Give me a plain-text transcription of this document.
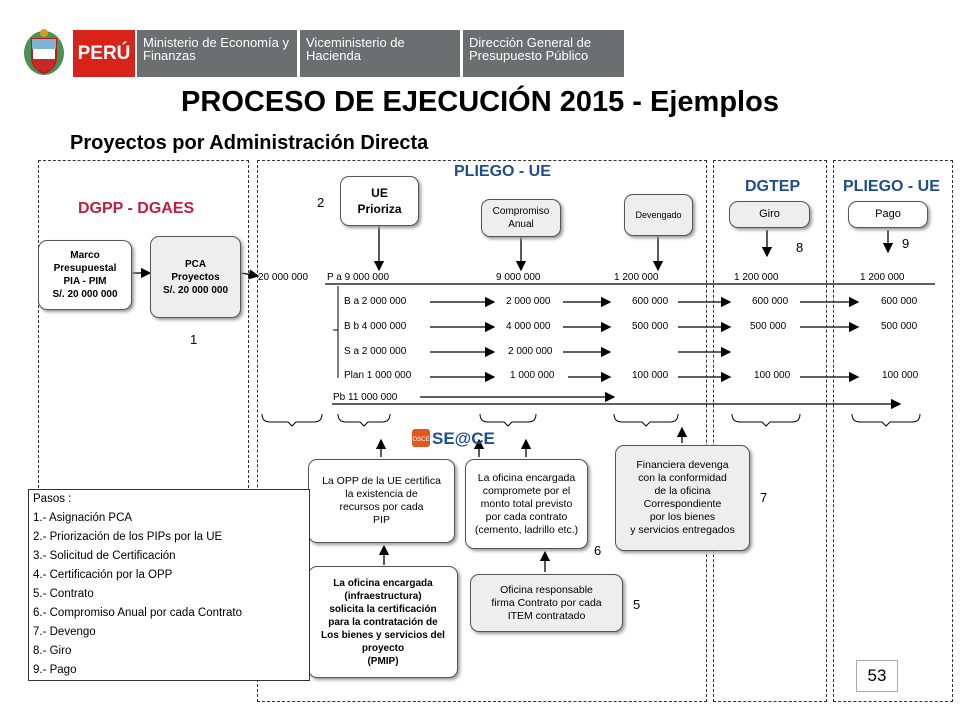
PERÚ Ministerio de Economía y Finanzas
Viceministerio de Hacienda
Dirección General de Presupuesto Público
PROCESO DE EJECUCIÓN 2015 - Ejemplos
Proyectos por Administración Directa
DGPP - DGAES
PLIEGO - UE
DGTEP	PLIEGO - UE
Marco
Presupuestal
PIA - PIM
S/. 20 000 000
PCA
Proyectos
S/. 20 000 000
UE
Prioriza	Compromiso
Anual
Devengado	Giro	Pago
1
2
5
6
7
8	9
20 000 000 P a 9 000 000	9 000 000	1 200 000	1 200 000	1 200 000
B a 2 000 000	2 000 000	600 000	600 000	600 000
B b 4 000 000	4 000 000	500 000	500 000	500 000
S a 2 000 000	2 000 000
Plan 1 000 000	1 000 000	100 000	100 000	100 000
Pb 11 000 000
OSCE SE@CE
La OPP de la UE certifica
la existencia de
recursos por cada
PIP
La oficina encargada
compromete por el
monto total previsto
por cada contrato
(cemento, ladrillo etc.)
Financiera devenga
con la conformidad
de la oficina
Correspondiente
por los bienes
y servicios entregados
La oficina encargada
(infraestructura)
solicita la certificación
para la contratación de
Los bienes y servicios del
proyecto
(PMIP)
Oficina responsable
firma Contrato por cada
ITEM contratado
Pasos :
1.- Asignación PCA
2.- Priorización de los PIPs por la UE
3.- Solicitud de Certificación
4.- Certificación por la OPP
5.- Contrato
6.- Compromiso Anual por cada Contrato
7.- Devengo
8.- Giro
9.- Pago	53
